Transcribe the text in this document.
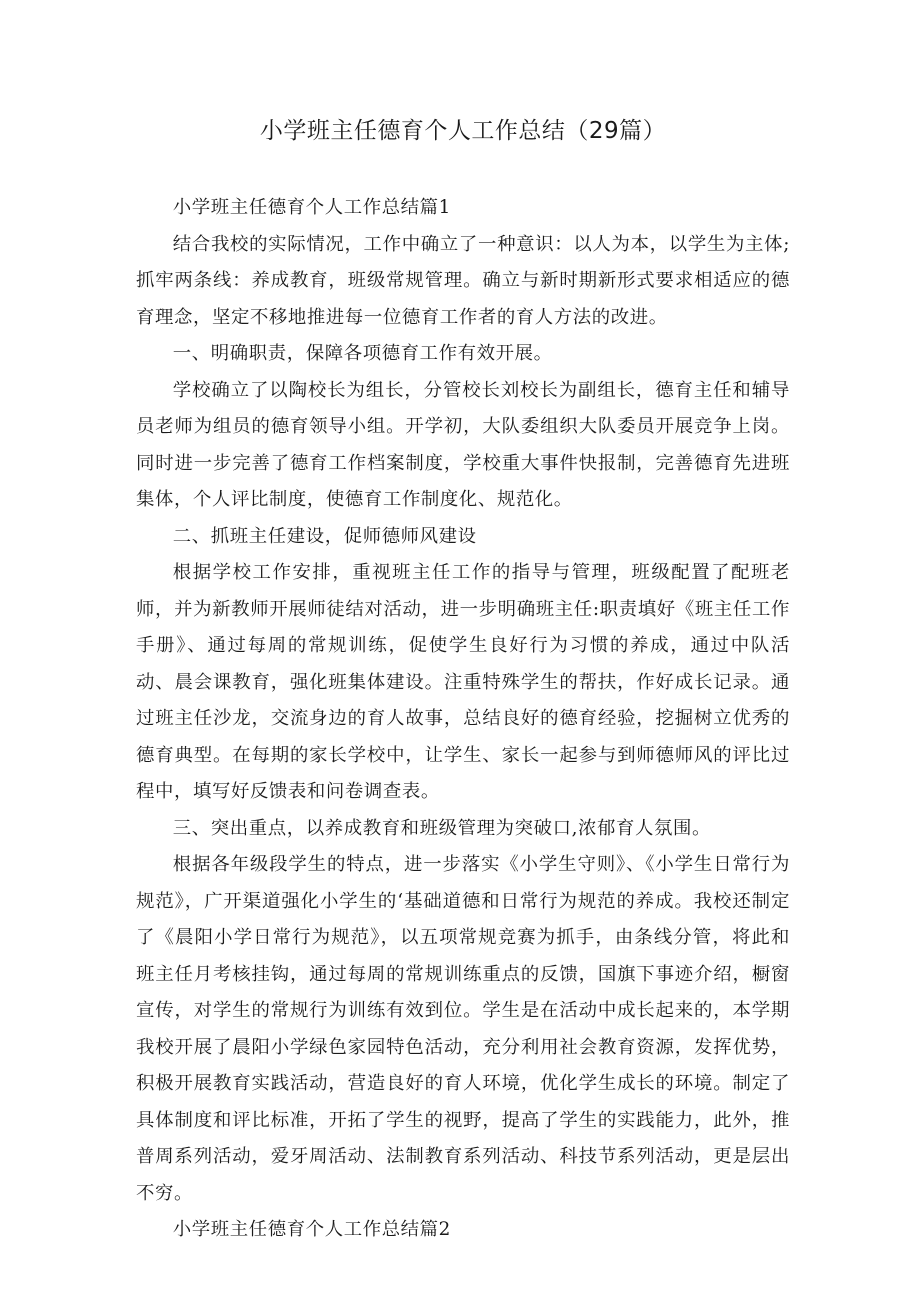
小学班主任德育个人工作总结（29篇）

小学班主任德育个人工作总结篇1

结合我校的实际情况，工作中确立了一种意识：以人为本，以学生为主体;抓牢两条线：养成教育，班级常规管理。确立与新时期新形式要求相适应的德育理念，坚定不移地推进每一位德育工作者的育人方法的改进。

一、明确职责，保障各项德育工作有效开展。

学校确立了以陶校长为组长，分管校长刘校长为副组长，德育主任和辅导员老师为组员的德育领导小组。开学初，大队委组织大队委员开展竞争上岗。同时进一步完善了德育工作档案制度，学校重大事件快报制，完善德育先进班集体，个人评比制度，使德育工作制度化、规范化。

二、抓班主任建设，促师德师风建设

根据学校工作安排，重视班主任工作的指导与管理，班级配置了配班老师，并为新教师开展师徒结对活动，进一步明确班主任:职责填好《班主任工作手册》、通过每周的常规训练，促使学生良好行为习惯的养成，通过中队活动、晨会课教育，强化班集体建设。注重特殊学生的帮扶，作好成长记录。通过班主任沙龙，交流身边的育人故事，总结良好的德育经验，挖掘树立优秀的德育典型。在每期的家长学校中，让学生、家长一起参与到师德师风的评比过程中，填写好反馈表和问卷调查表。

三、突出重点，以养成教育和班级管理为突破口,浓郁育人氛围。

根据各年级段学生的特点，进一步落实《小学生守则》、《小学生日常行为规范》，广开渠道强化小学生的‘基础道德和日常行为规范的养成。我校还制定了《晨阳小学日常行为规范》，以五项常规竞赛为抓手，由条线分管，将此和班主任月考核挂钩，通过每周的常规训练重点的反馈，国旗下事迹介绍，橱窗宣传，对学生的常规行为训练有效到位。学生是在活动中成长起来的，本学期我校开展了晨阳小学绿色家园特色活动，充分利用社会教育资源，发挥优势，积极开展教育实践活动，营造良好的育人环境，优化学生成长的环境。制定了具体制度和评比标准，开拓了学生的视野，提高了学生的实践能力，此外，推普周系列活动，爱牙周活动、法制教育系列活动、科技节系列活动，更是层出不穷。

小学班主任德育个人工作总结篇2
